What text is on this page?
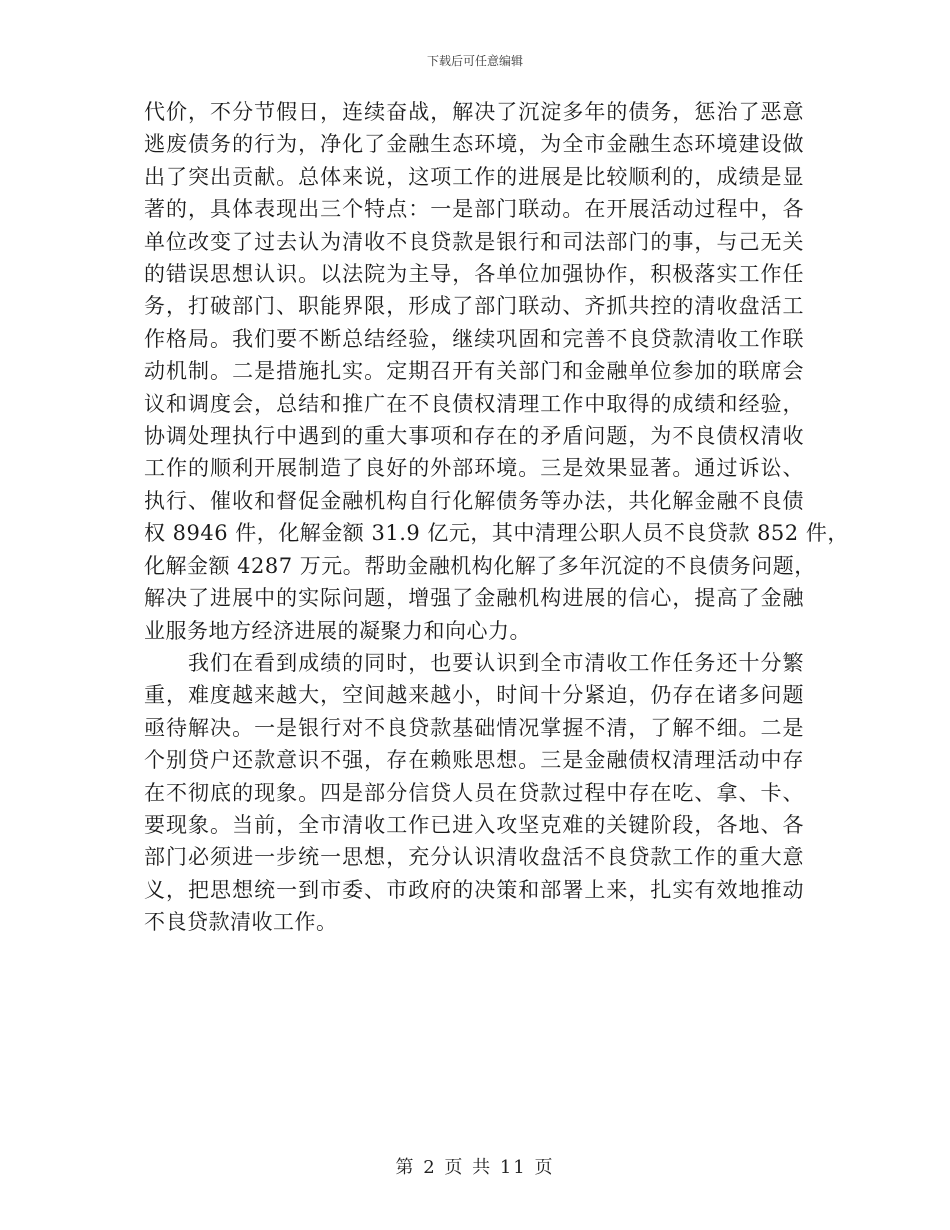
下载后可任意编辑
代价，不分节假日，连续奋战，解决了沉淀多年的债务，惩治了恶意
逃废债务的行为，净化了金融生态环境，为全市金融生态环境建设做
出了突出贡献。总体来说，这项工作的进展是比较顺利的，成绩是显
著的，具体表现出三个特点：一是部门联动。在开展活动过程中，各
单位改变了过去认为清收不良贷款是银行和司法部门的事，与己无关
的错误思想认识。以法院为主导，各单位加强协作，积极落实工作任
务，打破部门、职能界限，形成了部门联动、齐抓共控的清收盘活工
作格局。我们要不断总结经验，继续巩固和完善不良贷款清收工作联
动机制。二是措施扎实。定期召开有关部门和金融单位参加的联席会
议和调度会，总结和推广在不良债权清理工作中取得的成绩和经验，
协调处理执行中遇到的重大事项和存在的矛盾问题，为不良债权清收
工作的顺利开展制造了良好的外部环境。三是效果显著。通过诉讼、
执行、催收和督促金融机构自行化解债务等办法，共化解金融不良债
权 8946 件，化解金额 31.9 亿元，其中清理公职人员不良贷款 852 件，
化解金额 4287 万元。帮助金融机构化解了多年沉淀的不良债务问题，
解决了进展中的实际问题，增强了金融机构进展的信心，提高了金融
业服务地方经济进展的凝聚力和向心力。
　　我们在看到成绩的同时，也要认识到全市清收工作任务还十分繁
重，难度越来越大，空间越来越小，时间十分紧迫，仍存在诸多问题
亟待解决。一是银行对不良贷款基础情况掌握不清，了解不细。二是
个别贷户还款意识不强，存在赖账思想。三是金融债权清理活动中存
在不彻底的现象。四是部分信贷人员在贷款过程中存在吃、拿、卡、
要现象。当前，全市清收工作已进入攻坚克难的关键阶段，各地、各
部门必须进一步统一思想，充分认识清收盘活不良贷款工作的重大意
义，把思想统一到市委、市政府的决策和部署上来，扎实有效地推动
不良贷款清收工作。
第 2 页 共 11 页
